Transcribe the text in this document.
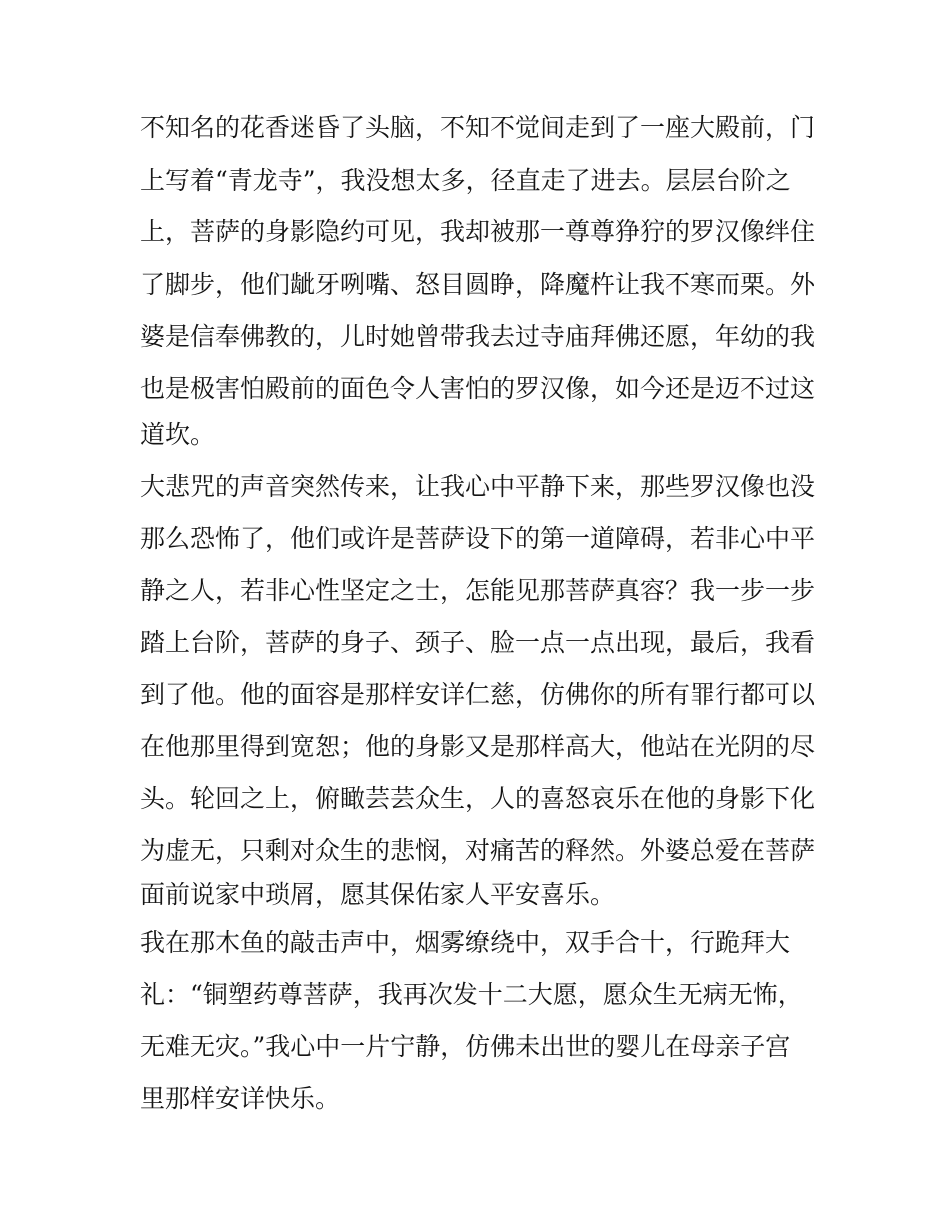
不知名的花香迷昏了头脑，不知不觉间走到了一座大殿前，门

上写着“青龙寺”，我没想太多，径直走了进去。层层台阶之

上，菩萨的身影隐约可见，我却被那一尊尊狰狞的罗汉像绊住

了脚步，他们龇牙咧嘴、怒目圆睁，降魔杵让我不寒而栗。外

婆是信奉佛教的，儿时她曾带我去过寺庙拜佛还愿，年幼的我

也是极害怕殿前的面色令人害怕的罗汉像，如今还是迈不过这

道坎。

大悲咒的声音突然传来，让我心中平静下来，那些罗汉像也没

那么恐怖了，他们或许是菩萨设下的第一道障碍，若非心中平

静之人，若非心性坚定之士，怎能见那菩萨真容？我一步一步

踏上台阶，菩萨的身子、颈子、脸一点一点出现，最后，我看

到了他。他的面容是那样安详仁慈，仿佛你的所有罪行都可以

在他那里得到宽恕；他的身影又是那样高大，他站在光阴的尽

头。轮回之上，俯瞰芸芸众生，人的喜怒哀乐在他的身影下化

为虚无，只剩对众生的悲悯，对痛苦的释然。外婆总爱在菩萨

面前说家中琐屑，愿其保佑家人平安喜乐。

我在那木鱼的敲击声中，烟雾缭绕中，双手合十，行跪拜大

礼：“铜塑药尊菩萨，我再次发十二大愿，愿众生无病无怖，

无难无灾。”我心中一片宁静，仿佛未出世的婴儿在母亲子宫

里那样安详快乐。
